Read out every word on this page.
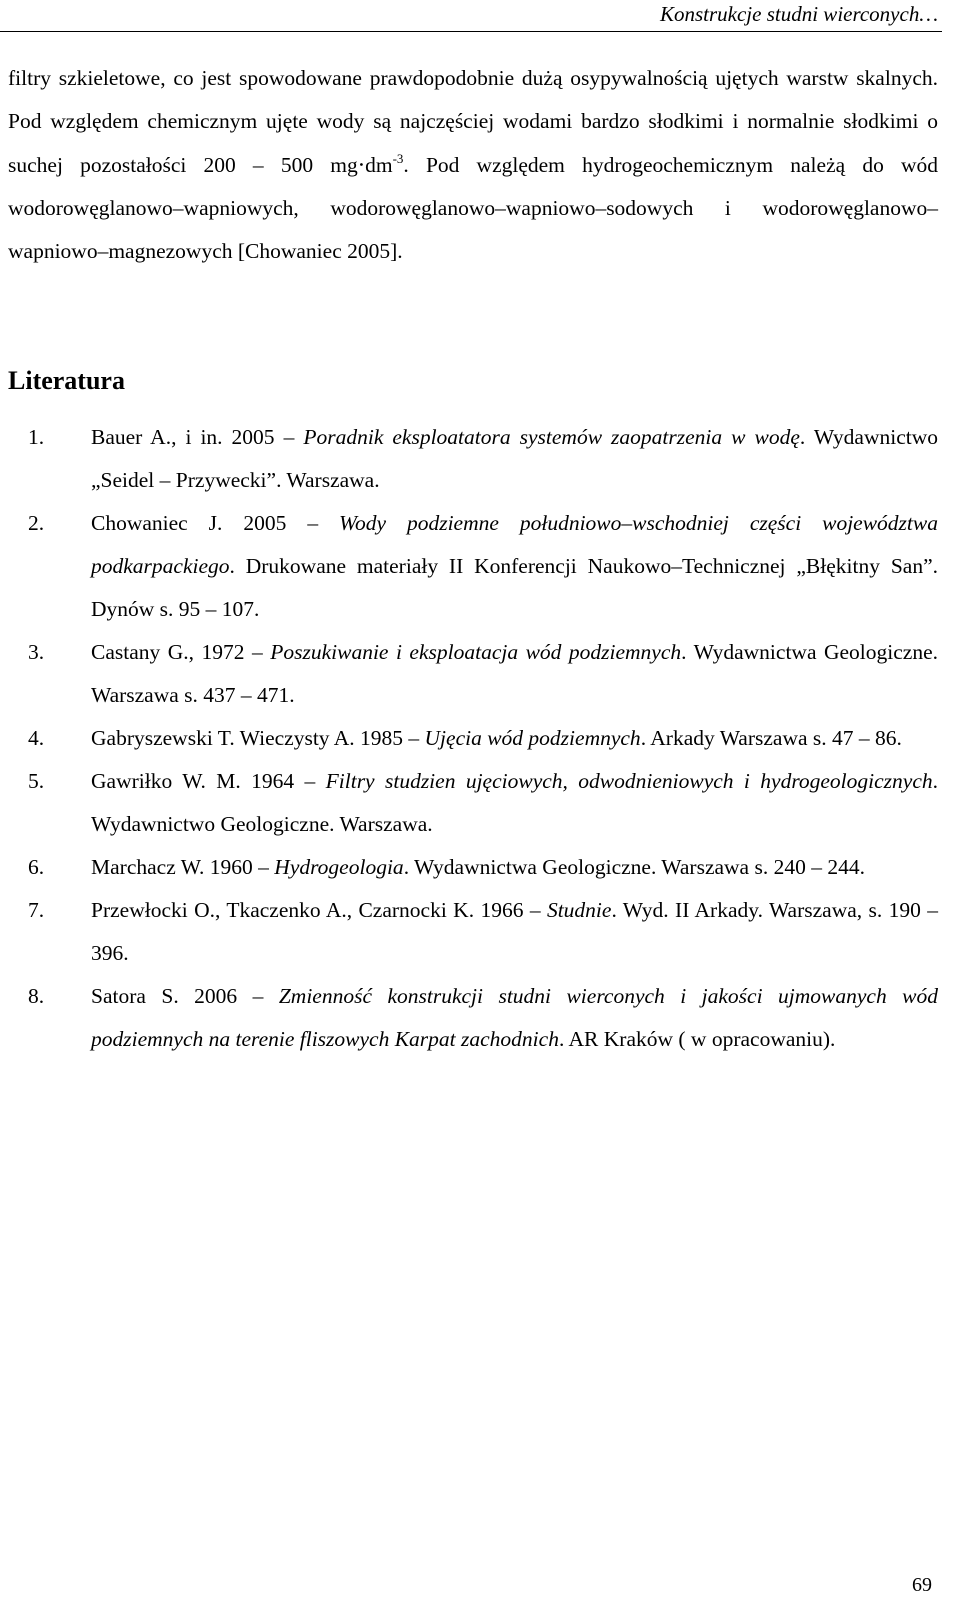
Konstrukcje studni wierconych…

filtry szkieletowe, co jest spowodowane prawdopodobnie dużą osypywalnością ujętych warstw skalnych. Pod względem chemicznym ujęte wody są najczęściej wodami bardzo słodkimi i normalnie słodkimi o suchej pozostałości 200 – 500 $mg\cdot dm^{-3}$. Pod względem hydrogeochemicznym należą do wód wodorowęglanowo–wapniowych, wodorowęglanowo–wapniowo–sodowych i wodorowęglanowo–wapniowo–magnezowych [Chowaniec 2005].

Literatura
1. Bauer A., i in. 2005 – Poradnik eksploatatora systemów zaopatrzenia w wodę. Wydawnictwo „Seidel – Przywecki”. Warszawa.
2. Chowaniec J. 2005 – Wody podziemne południowo–wschodniej części województwa podkarpackiego. Drukowane materiały II Konferencji Naukowo–Technicznej „Błękitny San”. Dynów s. 95 – 107.
3. Castany G., 1972 – Poszukiwanie i eksploatacja wód podziemnych. Wydawnictwa Geologiczne. Warszawa s. 437 – 471.
4. Gabryszewski T. Wieczysty A. 1985 – Ujęcia wód podziemnych. Arkady Warszawa s. 47 – 86.
5. Gawriłko W. M. 1964 – Filtry studzien ujęciowych, odwodnieniowych i hydrogeologicznych. Wydawnictwo Geologiczne. Warszawa.
6. Marchacz W. 1960 – Hydrogeologia. Wydawnictwa Geologiczne. Warszawa s. 240 – 244.
7. Przewłocki O., Tkaczenko A., Czarnocki K. 1966 – Studnie. Wyd. II Arkady. Warszawa, s. 190 – 396.
8. Satora S. 2006 – Zmienność konstrukcji studni wierconych i jakości ujmowanych wód podziemnych na terenie fliszowych Karpat zachodnich. AR Kraków ( w opracowaniu).
69
